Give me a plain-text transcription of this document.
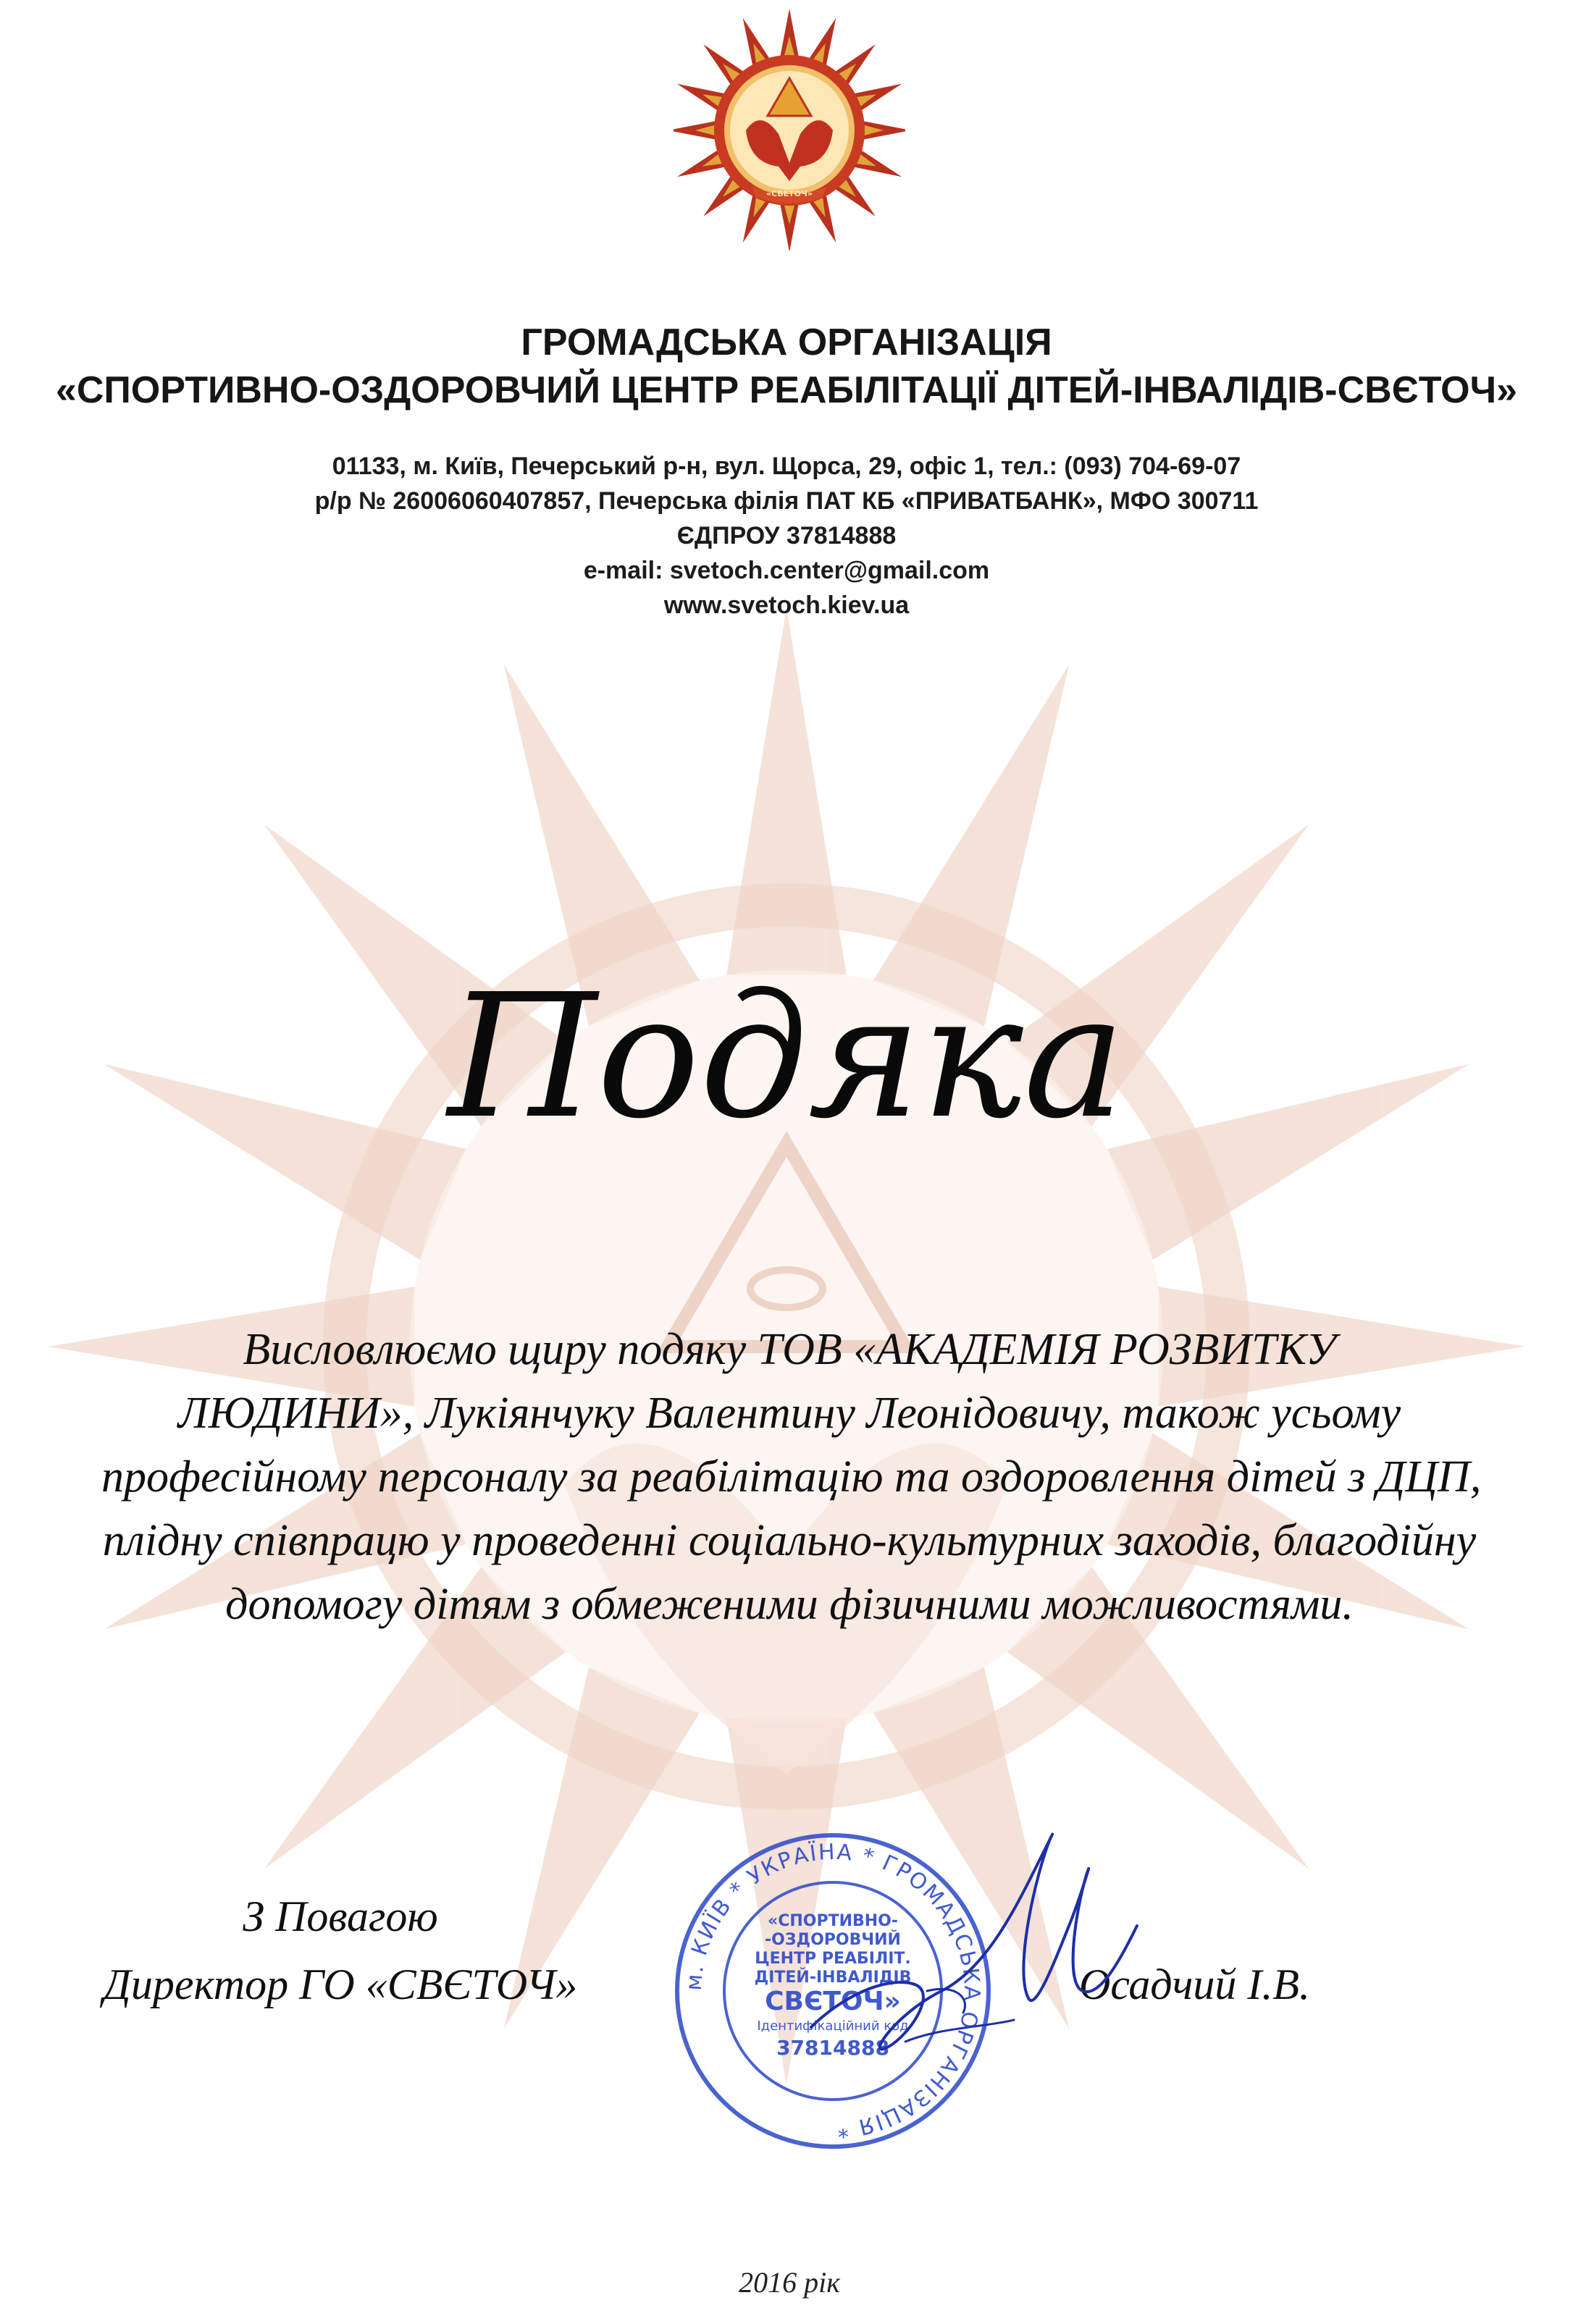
«СВЕТОЧ»

ГРОМАДСЬКА ОРГАНІЗАЦІЯ

«СПОРТИВНО-ОЗДОРОВЧИЙ ЦЕНТР РЕАБІЛІТАЦІЇ ДІТЕЙ-ІНВАЛІДІВ-СВЄТОЧ»

01133, м. Київ, Печерський р-н, вул. Щорса, 29, офіс 1, тел.: (093) 704-69-07
р/р № 26006060407857, Печерська філія ПАТ КБ «ПРИВАТБАНК», МФО 300711
ЄДПРОУ 37814888
e-mail: svetoch.center@gmail.com
www.svetoch.kiev.ua
Подяка
Висловлюємо щиру подяку ТОВ «АКАДЕМІЯ РОЗВИТКУ
ЛЮДИНИ», Лукіянчуку Валентину Леонідовичу, також усьому
професійному персоналу за реабілітацію та оздоровлення дітей з ДЦП,
плідну співпрацю у проведенні соціально-культурних заходів, благодійну
допомогу дітям з обмеженими фізичними можливостями.
З Повагою
Директор ГО «СВЄТОЧ»	Осадчий І.В.
м. КИЇВ * УКРАЇНА * ГРОМАДСЬКА ОРГАНІЗАЦІЯ *
«СПОРТИВНО-
-ОЗДОРОВЧИЙ
ЦЕНТР РЕАБІЛІТ.
ДІТЕЙ-ІНВАЛІДІВ
СВЄТОЧ»
Ідентифікаційний код
37814888
2016 рік
